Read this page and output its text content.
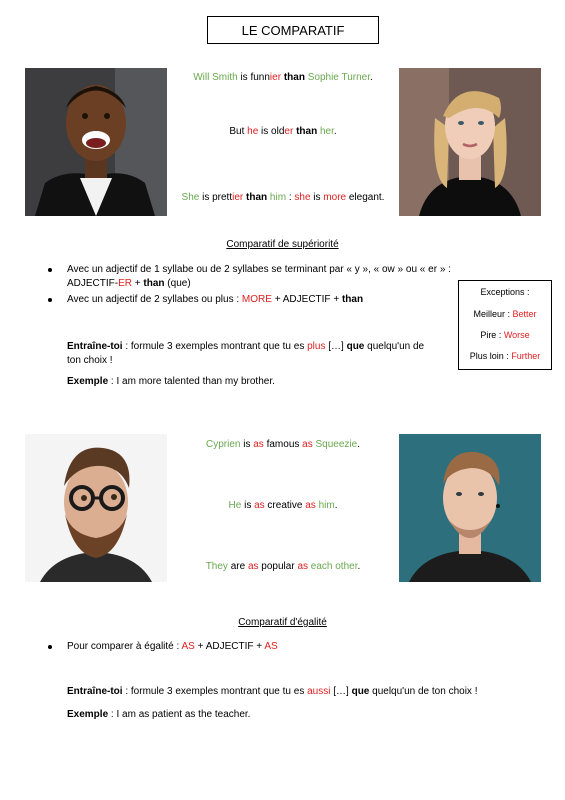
LE COMPARATIF
Will Smith is funnier than Sophie Turner.
But he is older than her.
She is prettier than him : she is more elegant.
Comparatif de supériorité
Avec un adjectif de 1 syllabe ou de 2 syllabes se terminant par « y », « ow » ou « er » :
ADJECTIF-ER + than (que)
Avec un adjectif de 2 syllabes ou plus : MORE + ADJECTIF + than
Entraîne-toi : formule 3 exemples montrant que tu es plus […] que quelqu'un de
ton choix !
Exemple : I am more talented than my brother.
Exceptions :
Meilleur : Better
Pire : Worse
Plus loin : Further
Cyprien is as famous as Squeezie.
He is as creative as him.
They are as popular as each other.
Comparatif d'égalité
Pour comparer à égalité : AS + ADJECTIF + AS
Entraîne-toi : formule 3 exemples montrant que tu es aussi […] que quelqu'un de ton choix !
Exemple : I am as patient as the teacher.
